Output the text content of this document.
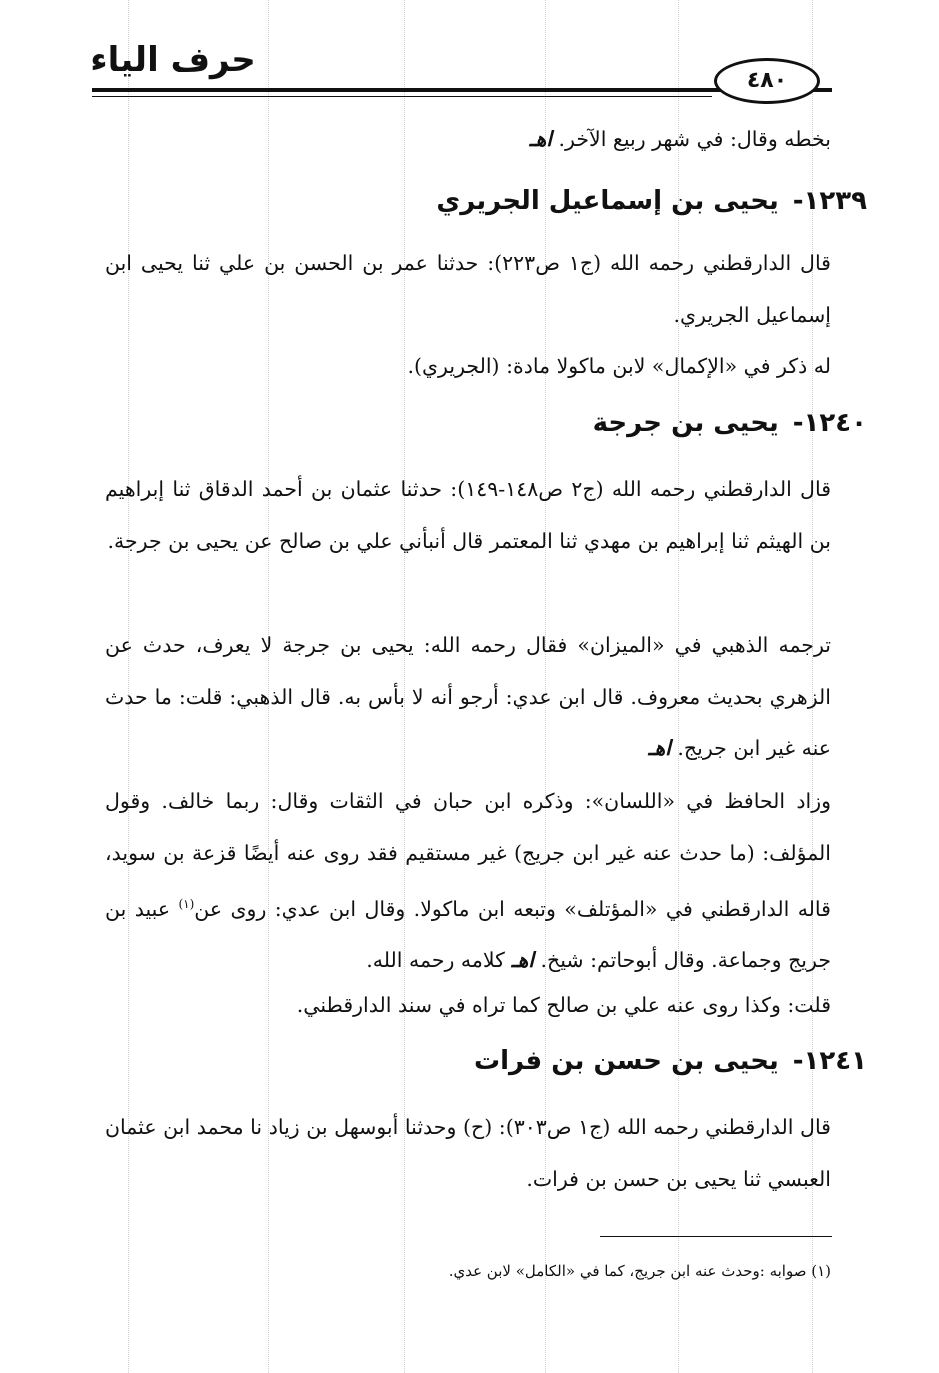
حرف الياء
٤٨٠

بخطه وقال: في شهر ربيع الآخر. اهـ

١٢٣٩-يحيى بن إسماعيل الجريري

قال الدارقطني رحمه الله (ج١ ص٢٢٣): حدثنا عمر بن الحسن بن علي ثنا يحيى ابن إسماعيل الجريري.

له ذكر في «الإكمال» لابن ماكولا مادة: (الجريري).

١٢٤٠-يحيى بن جرجة

قال الدارقطني رحمه الله (ج٢ ص١٤٨-١٤٩): حدثنا عثمان بن أحمد الدقاق ثنا إبراهيم بن الهيثم ثنا إبراهيم بن مهدي ثنا المعتمر قال أنبأني علي بن صالح عن يحيى بن جرجة.

ترجمه الذهبي في «الميزان» فقال رحمه الله: يحيى بن جرجة لا يعرف، حدث عن الزهري بحديث معروف. قال ابن عدي: أرجو أنه لا بأس به. قال الذهبي: قلت: ما حدث عنه غير ابن جريج. اهـ

وزاد الحافظ في «اللسان»: وذكره ابن حبان في الثقات وقال: ربما خالف. وقول المؤلف: (ما حدث عنه غير ابن جريج) غير مستقيم فقد روى عنه أيضًا قزعة بن سويد، قاله الدارقطني في «المؤتلف» وتبعه ابن ماكولا. وقال ابن عدي: روى عن$^{(١)}$ عبيد بن جريج وجماعة. وقال أبوحاتم: شيخ. اهـ كلامه رحمه الله.

قلت: وكذا روى عنه علي بن صالح كما تراه في سند الدارقطني.

١٢٤١-يحيى بن حسن بن فرات

قال الدارقطني رحمه الله (ج١ ص٣٠٣): (ح) وحدثنا أبوسهل بن زياد نا محمد ابن عثمان العبسي ثنا يحيى بن حسن بن فرات.

(١) صوابه :وحدث عنه ابن جريج، كما في «الكامل» لابن عدي.
